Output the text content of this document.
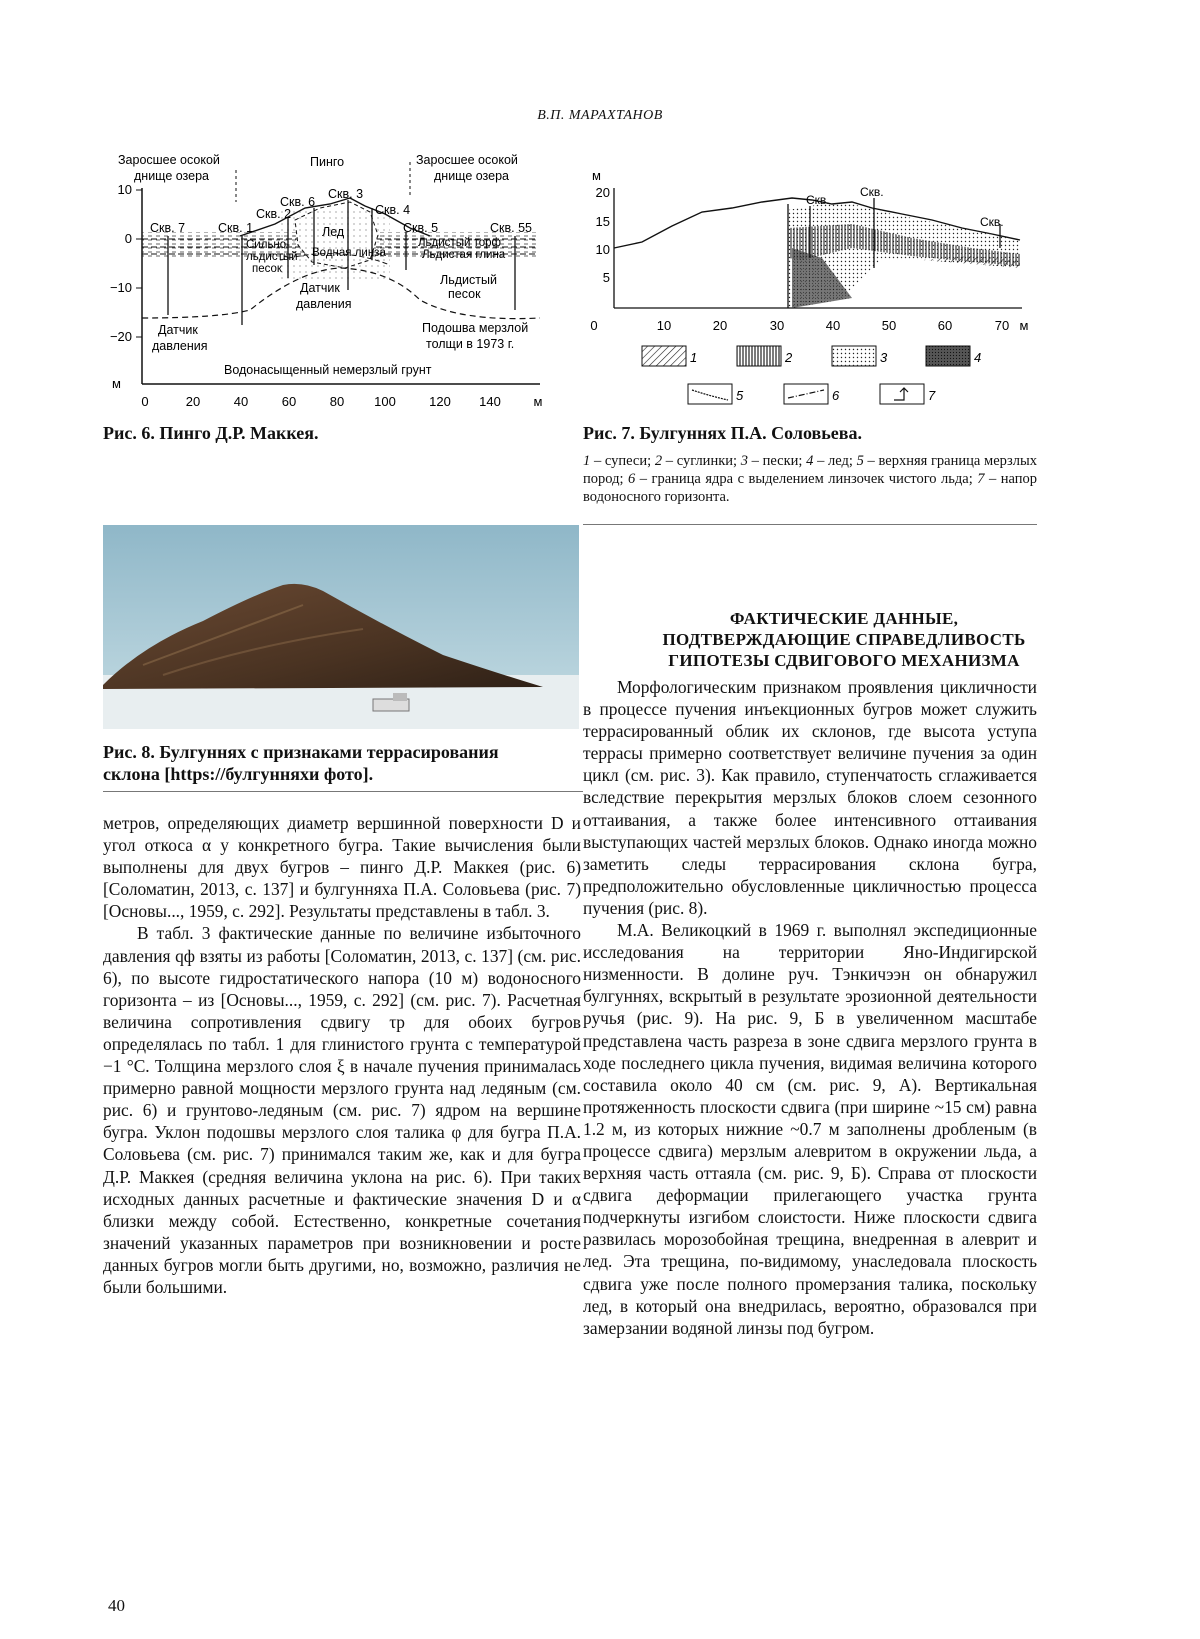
В.П. МАРАХТАНОВ
10
0
−10
−20
м
0	20	40	60	80 100	120 140	м
Заросшее осокой
днище озера
Пинго	Заросшее осокой
днище озера
Скв. 7	Скв. 1
Скв. 2
Скв. 6
Скв. 3
Скв. 4
Скв. 5	Скв. 55
Лед
Льдистый торф
Льдистая глина
Сильно-
льдистый
песок
Водная линза
Льдистый
песок
Датчик
давления
Датчик
давления
Подошва мерзлой
толщи в 1973 г.
Водонасыщенный немерзлый грунт
Рис. 6. Пинго Д.Р. Маккея.
м
20
15
10
5
0	10	20	30	40	50	60	70 м
Скв.
Скв.
Скв.
1	2	3	4
5	6	7
Рис. 7. Булгуннях П.А. Соловьева.
1 – супеси; 2 – суглинки; 3 – пески; 4 – лед; 5 – верхняя граница мерзлых пород; 6 – граница ядра с выделением линзочек чистого льда; 7 – напор водоносного горизонта.
Рис. 8. Булгуннях с признаками террасирования
склона [https://булгунняхи фото].

метров, определяющих диаметр вершинной поверхности D и угол откоса α у конкретного бугра. Такие вычисления были выполнены для двух бугров – пинго Д.Р. Маккея (рис. 6) [Соломатин, 2013, с. 137] и булгунняха П.А. Соловьева (рис. 7) [Основы..., 1959, с. 292]. Результаты представлены в табл. 3.

В табл. 3 фактические данные по величине избыточного давления qф взяты из работы [Соломатин, 2013, с. 137] (см. рис. 6), по высоте гидростатического напора (10 м) водоносного горизонта – из [Основы..., 1959, с. 292] (см. рис. 7). Расчетная величина сопротивления сдвигу τр для обоих бугров определялась по табл. 1 для глинистого грунта с температурой −1 °С. Толщина мерзлого слоя ξ в начале пучения принималась примерно равной мощности мерзлого грунта над ледяным (см. рис. 6) и грунтово-ледяным (см. рис. 7) ядром на вершине бугра. Уклон подошвы мерзлого слоя талика φ для бугра П.А. Соловьева (см. рис. 7) принимался таким же, как и для бугра Д.Р. Маккея (средняя величина уклона на рис. 6). При таких исходных данных расчетные и фактические значения D и α близки между собой. Естественно, конкретные сочетания значений указанных параметров при возникновении и росте данных бугров могли быть другими, но, возможно, различия не были большими.

ФАКТИЧЕСКИЕ ДАННЫЕ,
ПОДТВЕРЖДАЮЩИЕ СПРАВЕДЛИВОСТЬ
ГИПОТЕЗЫ СДВИГОВОГО МЕХАНИЗМА

Морфологическим признаком проявления цикличности в процессе пучения инъекционных бугров может служить террасированный облик их склонов, где высота уступа террасы примерно соответствует величине пучения за один цикл (см. рис. 3). Как правило, ступенчатость сглаживается вследствие перекрытия мерзлых блоков слоем сезонного оттаивания, а также более интенсивного оттаивания выступающих частей мерзлых блоков. Однако иногда можно заметить следы террасирования склона бугра, предположительно обусловленные цикличностью процесса пучения (рис. 8).

М.А. Великоцкий в 1969 г. выполнял экспедиционные исследования на территории Яно-Индигирской низменности. В долине руч. Тэнкичээн он обнаружил булгуннях, вскрытый в результате эрозионной деятельности ручья (рис. 9). На рис. 9, Б в увеличенном масштабе представлена часть разреза в зоне сдвига мерзлого грунта в ходе последнего цикла пучения, видимая величина которого составила около 40 см (см. рис. 9, А). Вертикальная протяженность плоскости сдвига (при ширине ~15 см) равна 1.2 м, из которых нижние ~0.7 м заполнены дробленым (в процессе сдвига) мерзлым алевритом в окружении льда, а верхняя часть оттаяла (см. рис. 9, Б). Справа от плоскости сдвига деформации прилегающего участка грунта подчеркнуты изгибом слоистости. Ниже плоскости сдвига развилась морозобойная трещина, внедренная в алеврит и лед. Эта трещина, по-видимому, унаследовала плоскость сдвига уже после полного промерзания талика, поскольку лед, в который она внедрилась, вероятно, образовался при замерзании водяной линзы под бугром.

40
